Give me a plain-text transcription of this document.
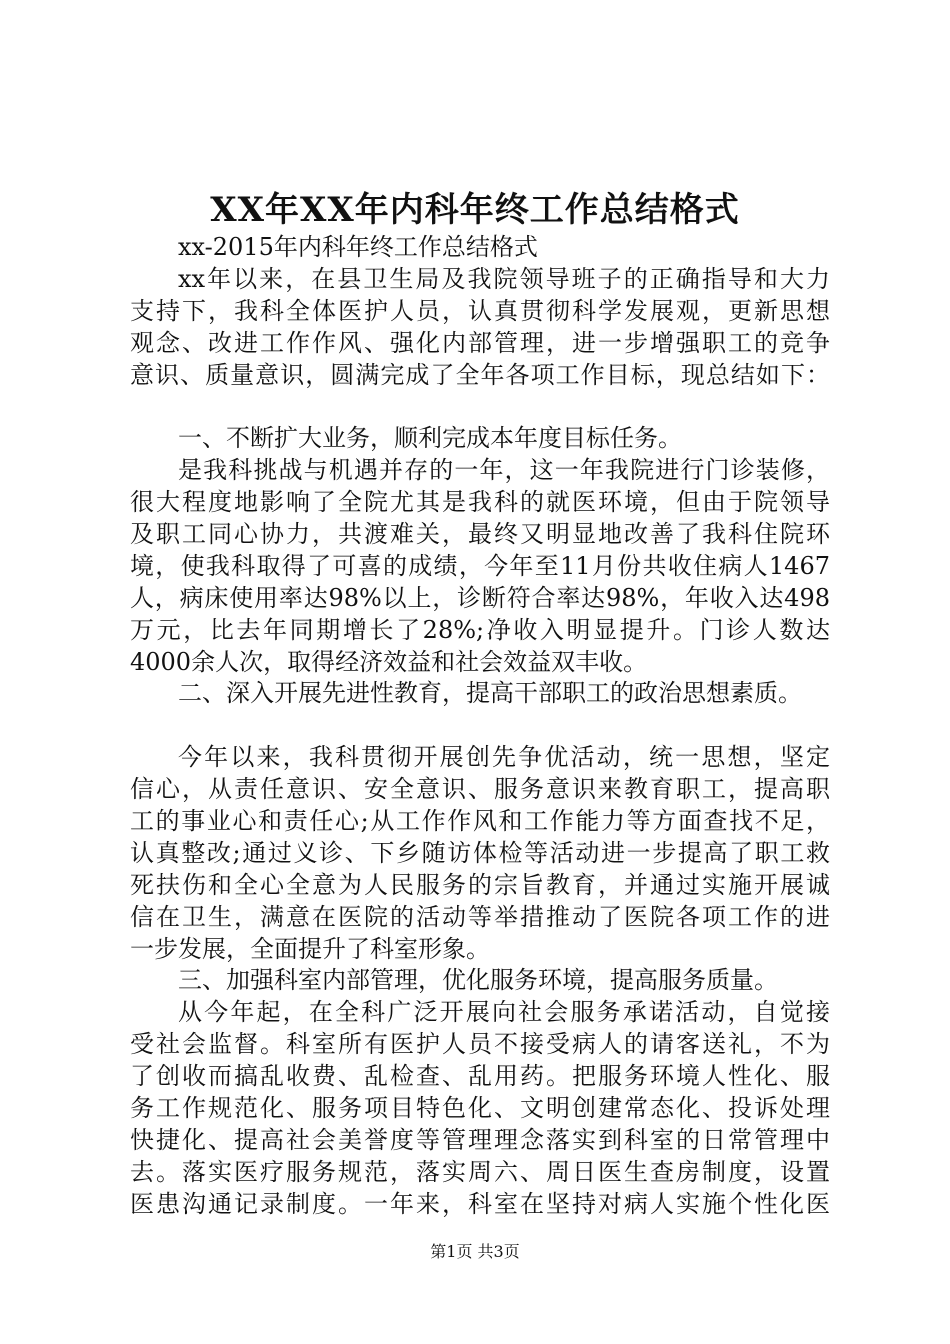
XX年XX年内科年终工作总结格式
xx-2015年内科年终工作总结格式
xx年以来，在县卫生局及我院领导班子的正确指导和大力
支持下，我科全体医护人员，认真贯彻科学发展观，更新思想
观念、改进工作作风、强化内部管理，进一步增强职工的竞争
意识、质量意识，圆满完成了全年各项工作目标，现总结如下：
一、不断扩大业务，顺利完成本年度目标任务。
是我科挑战与机遇并存的一年，这一年我院进行门诊装修，
很大程度地影响了全院尤其是我科的就医环境，但由于院领导
及职工同心协力，共渡难关，最终又明显地改善了我科住院环
境，使我科取得了可喜的成绩，今年至11月份共收住病人1467
人，病床使用率达98%以上，诊断符合率达98%，年收入达498
万元，比去年同期增长了28%;净收入明显提升。门诊人数达
4000余人次，取得经济效益和社会效益双丰收。
二、深入开展先进性教育，提高干部职工的政治思想素质。
今年以来，我科贯彻开展创先争优活动，统一思想，坚定
信心，从责任意识、安全意识、服务意识来教育职工，提高职
工的事业心和责任心;从工作作风和工作能力等方面查找不足，
认真整改;通过义诊、下乡随访体检等活动进一步提高了职工救
死扶伤和全心全意为人民服务的宗旨教育，并通过实施开展诚
信在卫生，满意在医院的活动等举措推动了医院各项工作的进
一步发展，全面提升了科室形象。
三、加强科室内部管理，优化服务环境，提高服务质量。
从今年起，在全科广泛开展向社会服务承诺活动，自觉接
受社会监督。科室所有医护人员不接受病人的请客送礼，不为
了创收而搞乱收费、乱检查、乱用药。把服务环境人性化、服
务工作规范化、服务项目特色化、文明创建常态化、投诉处理
快捷化、提高社会美誉度等管理理念落实到科室的日常管理中
去。落实医疗服务规范，落实周六、周日医生查房制度，设置
医患沟通记录制度。一年来，科室在坚持对病人实施个性化医
第1页 共3页
